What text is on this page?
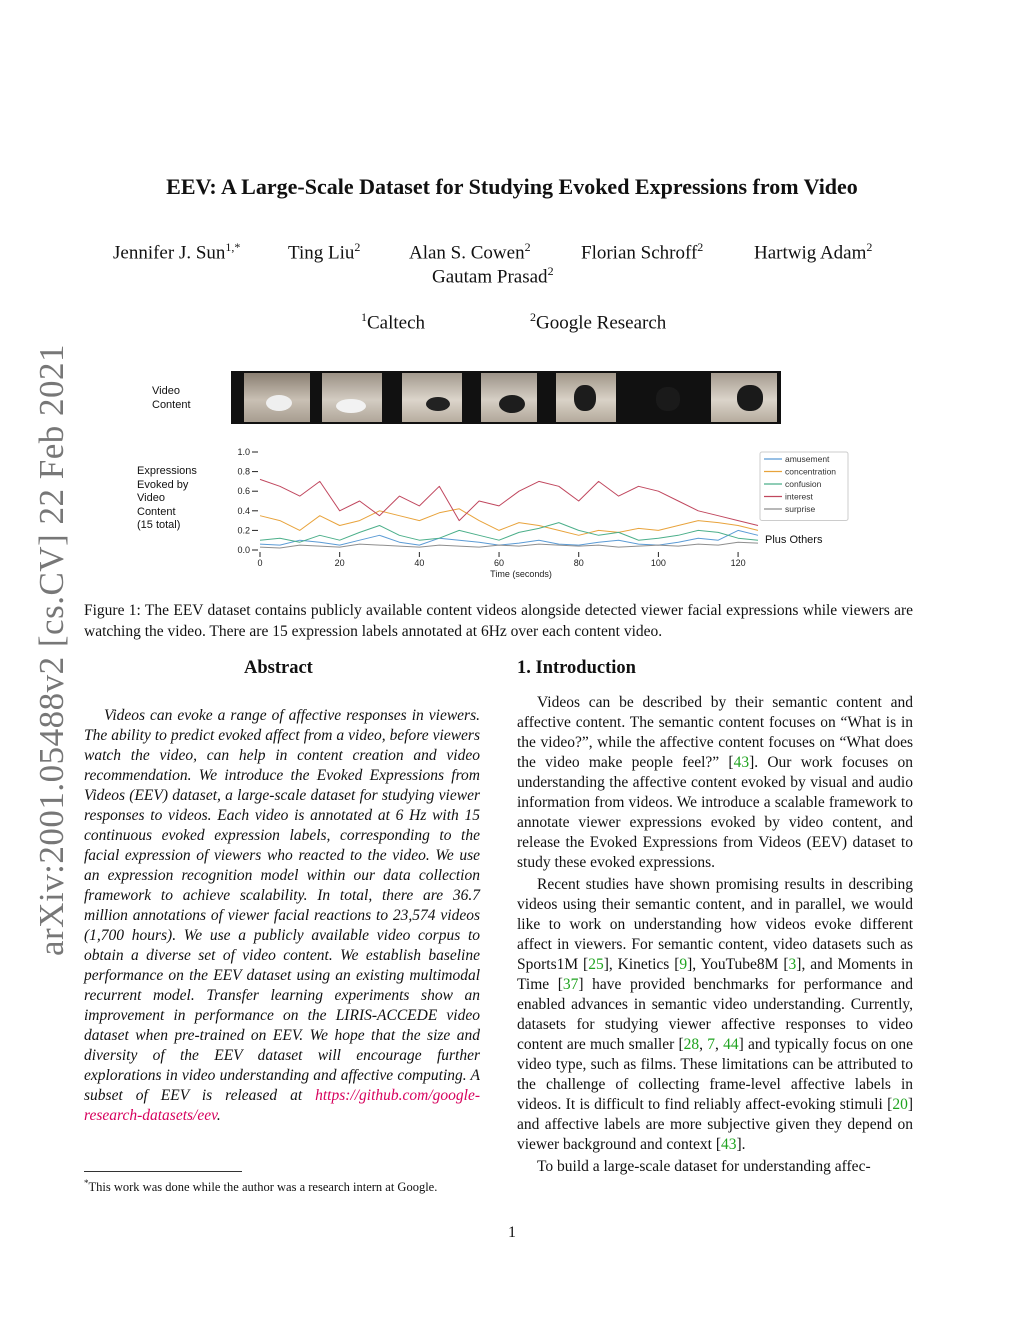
arXiv:2001.05488v2 [cs.CV] 22 Feb 2021
EEV: A Large-Scale Dataset for Studying Evoked Expressions from Video
Jennifer J. Sun$^{1,*}$	Ting Liu$^2$	Alan S. Cowen$^2$	Florian Schroff$^2$	Hartwig Adam$^2$
Gautam Prasad$^2$
$^1$Caltech	$^2$Google Research
Video
Content
Expressions
Evoked by
Video
Content
(15 total)
0.0
0.2
0.4
0.6
0.8
1.0
0	20	40	60	80	100	120
Time (seconds)
amusement
concentration
confusion
interest
surprise
Plus Others
Figure 1: The EEV dataset contains publicly available content videos alongside detected viewer facial expressions while viewers are watching the video. There are 15 expression labels annotated at 6Hz over each content video.
Abstract

Videos can evoke a range of affective responses in viewers. The ability to predict evoked affect from a video, before viewers watch the video, can help in content creation and video recommendation. We introduce the Evoked Expressions from Videos (EEV) dataset, a large-scale dataset for studying viewer responses to videos. Each video is annotated at 6 Hz with 15 continuous evoked expression labels, corresponding to the facial expression of viewers who reacted to the video. We use an expression recognition model within our data collection framework to achieve scalability. In total, there are 36.7 million annotations of viewer facial reactions to 23,574 videos (1,700 hours). We use a publicly available video corpus to obtain a diverse set of video content. We establish baseline performance on the EEV dataset using an existing multimodal recurrent model. Transfer learning experiments show an improvement in performance on the LIRIS-ACCEDE video dataset when pre-trained on EEV. We hope that the size and diversity of the EEV dataset will encourage further explorations in video understanding and affective computing. A subset of EEV is released at https://github.com/google-research-datasets/eev.

*This work was done while the author was a research intern at Google.
1. Introduction

Videos can be described by their semantic content and affective content. The semantic content focuses on “What is in the video?”, while the affective content focuses on “What does the video make people feel?” [43]. Our work focuses on understanding the affective content evoked by visual and audio information from videos. We introduce a scalable framework to annotate viewer expressions evoked by video content, and release the Evoked Expressions from Videos (EEV) dataset to study these evoked expressions.

Recent studies have shown promising results in describing videos using their semantic content, and in parallel, we would like to work on understanding how videos evoke different affect in viewers. For semantic content, video datasets such as Sports1M [25], Kinetics [9], YouTube8M [3], and Moments in Time [37] have provided benchmarks for performance and enabled advances in semantic video understanding. Currently, datasets for studying viewer affective responses to video content are much smaller [28, 7, 44] and typically focus on one video type, such as films. These limitations can be attributed to the challenge of collecting frame-level affective labels in videos. It is difficult to find reliably affect-evoking stimuli [20] and affective labels are more subjective given they depend on viewer background and context [43].

To build a large-scale dataset for understanding affec-

1
